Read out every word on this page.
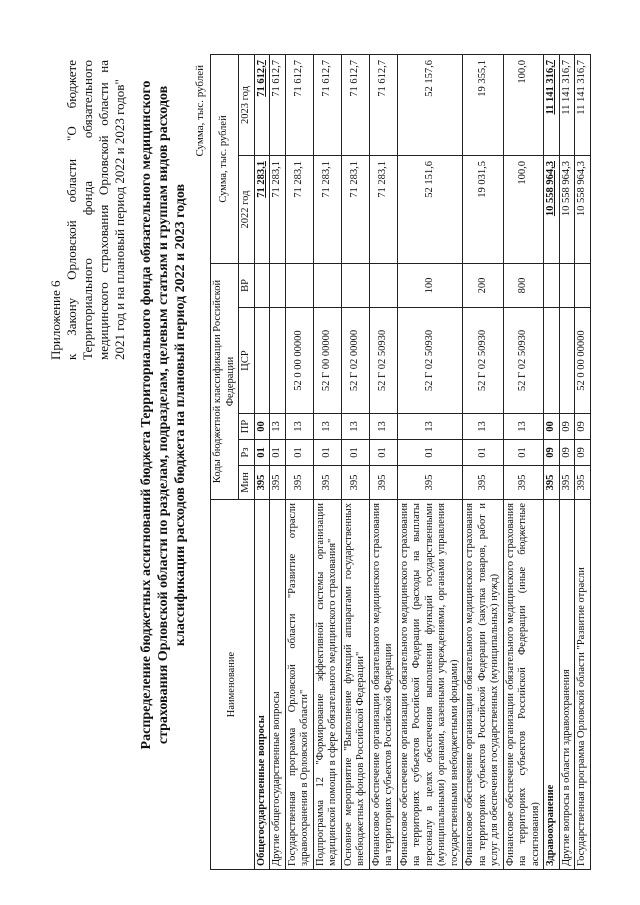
Приложение 6 к Закону Орловской области "О бюджете Территориального фонда обязательного медицинского страхования Орловской области на 2021 год и на плановый период 2022 и 2023 годов" Распределение бюджетных ассигнований бюджета Территориального фонда обязательного медицинского страхования Орловской области по разделам, подразделам, целевым статьям и группам видов расходов классификации расходов бюджета на плановый период 2022 и 2023 годов
Сумма, тыс. рублей
Наименование	Коды бюджетной классификации Российской Федерации					Сумма, тыс. рублей	
	Мин	Рз	ПР	ЦСР	ВР	2022 год	2023 год
Общегосударственные вопросы	395	01	00			71 283,1	71 612,7
Другие общегосударственные вопросы	395	01	13			71 283,1	71 612,7
Государственная программа Орловской области "Развитие отрасли здравоохранения в Орловской области"	395	01	13	52 0 00 00000		71 283,1	71 612,7
Подпрограмма 12 "Формирование эффективной системы организации медицинской помощи в сфере обязательного медицинского страхования"	395	01	13	52 Г 00 00000		71 283,1	71 612,7
Основное мероприятие "Выполнение функций аппаратами государственных внебюджетных фондов Российской Федерации"	395	01	13	52 Г 02 00000		71 283,1	71 612,7
Финансовое обеспечение организации обязательного медицинского страхования на территориях субъектов Российской Федерации	395	01	13	52 Г 02 50930		71 283,1	71 612,7
Финансовое обеспечение организации обязательного медицинского страхования на территориях субъектов Российской Федерации (расходы на выплаты персоналу в целях обеспечения выполнения функций государственными (муниципальными) органами, казенными учреждениями, органами управления государственными внебюджетными фондами)	395	01	13	52 Г 02 50930	100	52 151,6	52 157,6
Финансовое обеспечение организации обязательного медицинского страхования на территориях субъектов Российской Федерации (закупка товаров, работ и услуг для обеспечения государственных (муниципальных) нужд)	395	01	13	52 Г 02 50930	200	19 031,5	19 355,1
Финансовое обеспечение организации обязательного медицинского страхования на территориях субъектов Российской Федерации (иные бюджетные ассигнования)	395	01	13	52 Г 02 50930	800	100,0	100,0
Здравоохранение	395	09	00			10 558 964,3	11 141 316,7
Другие вопросы в области здравоохранения	395	09	09			10 558 964,3	11 141 316,7
Государственная программа Орловской области "Развитие отрасли	395	09	09	52 0 00 00000		10 558 964,3	11 141 316,7
